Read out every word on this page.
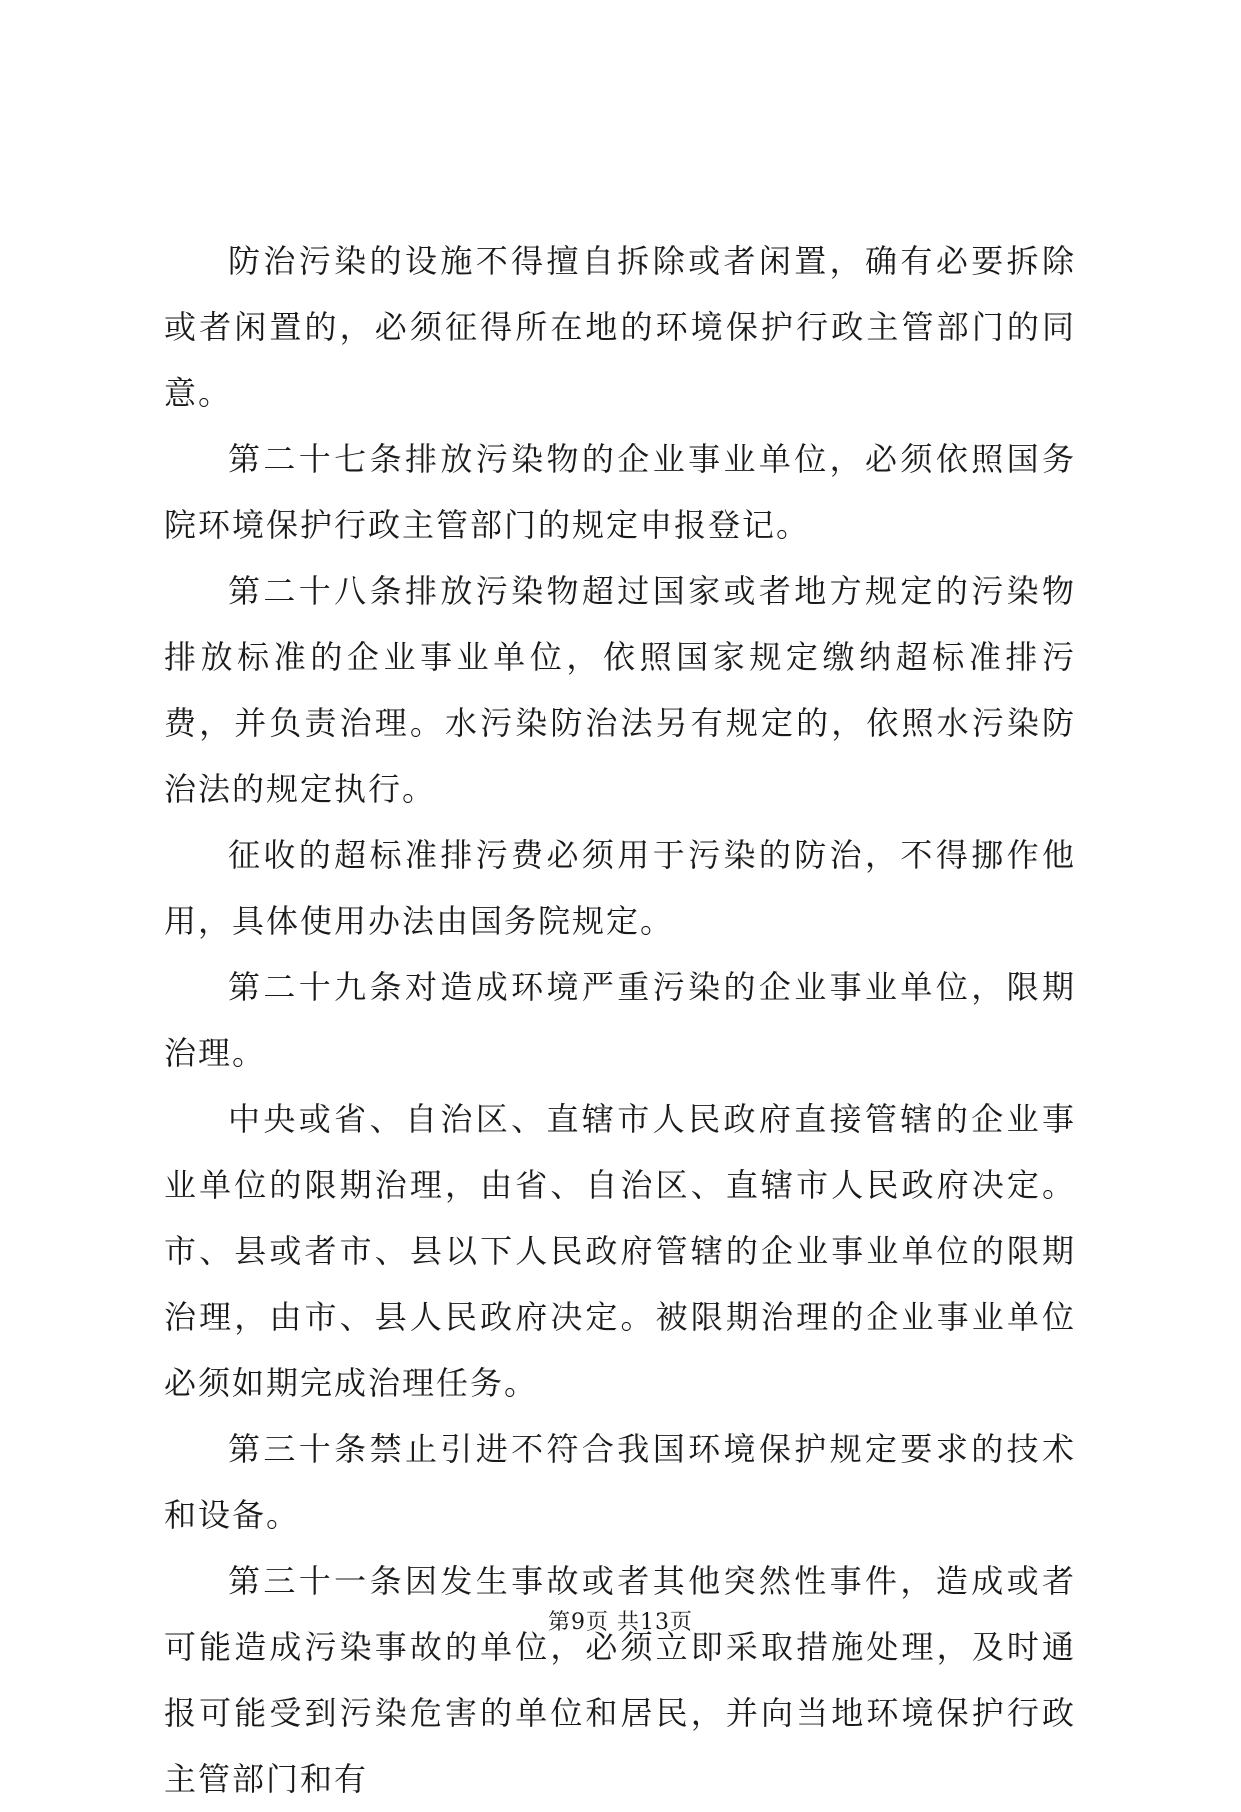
防治污染的设施不得擅自拆除或者闲置，确有必要拆除或者闲置的，必须征得所在地的环境保护行政主管部门的同意。

第二十七条排放污染物的企业事业单位，必须依照国务院环境保护行政主管部门的规定申报登记。

第二十八条排放污染物超过国家或者地方规定的污染物排放标准的企业事业单位，依照国家规定缴纳超标准排污费，并负责治理。水污染防治法另有规定的，依照水污染防治法的规定执行。

征收的超标准排污费必须用于污染的防治，不得挪作他用，具体使用办法由国务院规定。

第二十九条对造成环境严重污染的企业事业单位，限期治理。

中央或省、自治区、直辖市人民政府直接管辖的企业事业单位的限期治理，由省、自治区、直辖市人民政府决定。市、县或者市、县以下人民政府管辖的企业事业单位的限期治理，由市、县人民政府决定。被限期治理的企业事业单位必须如期完成治理任务。

第三十条禁止引进不符合我国环境保护规定要求的技术和设备。

第三十一条因发生事故或者其他突然性事件，造成或者可能造成污染事故的单位，必须立即采取措施处理，及时通报可能受到污染危害的单位和居民，并向当地环境保护行政主管部门和有

第9页 共13页
